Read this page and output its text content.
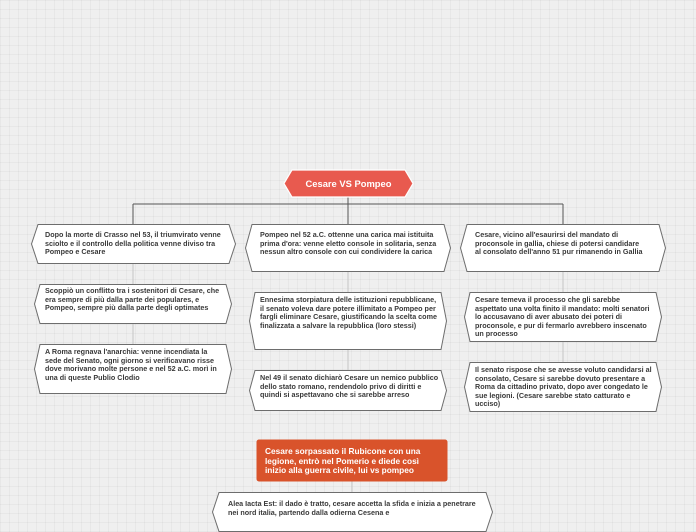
Cesare VS Pompeo
Dopo la morte di Crasso nel 53, il triumvirato venne sciolto e il controllo della politica venne diviso tra Pompeo e Cesare
Scoppiò un conflitto tra i sostenitori di Cesare, che era sempre di più dalla parte dei populares, e Pompeo, sempre più dalla parte degli optimates
A Roma regnava l'anarchia: venne incendiata la sede del Senato, ogni giorno si verificavano risse dove morivano molte persone e nel 52 a.C. morì in una di queste Publio Clodio
Pompeo nel 52 a.C. ottenne una carica mai istituita prima d'ora: venne eletto console in solitaria, senza nessun altro console con cui condividere la carica
Ennesima storpiatura delle istituzioni repubblicane, il senato voleva dare potere illimitato a Pompeo per fargli eliminare Cesare, giustificando la scelta come finalizzata a salvare la repubblica (loro stessi)
Nel 49 il senato dichiarò Cesare un nemico pubblico dello stato romano, rendendolo privo di diritti e quindi si aspettavano che si sarebbe arreso
Cesare, vicino all'esaurirsi del mandato di proconsole in gallia, chiese di potersi candidare al consolato dell'anno 51 pur rimanendo in Gallia
Cesare temeva il processo che gli sarebbe aspettato una volta finito il mandato: molti senatori lo accusavano di aver abusato dei poteri di proconsole, e pur di fermarlo avrebbero inscenato un processo
Il senato rispose che se avesse voluto candidarsi al consolato, Cesare si sarebbe dovuto presentare a Roma da cittadino privato, dopo aver congedato le sue legioni. (Cesare sarebbe stato catturato e ucciso)
Cesare sorpassato il Rubicone con una legione, entrò nel Pomerio e diede così inizio alla guerra civile, lui vs pompeo
Alea Iacta Est: il dado è tratto, cesare accetta la sfida e inizia a penetrare nei nord italia, partendo dalla odierna Cesena e
